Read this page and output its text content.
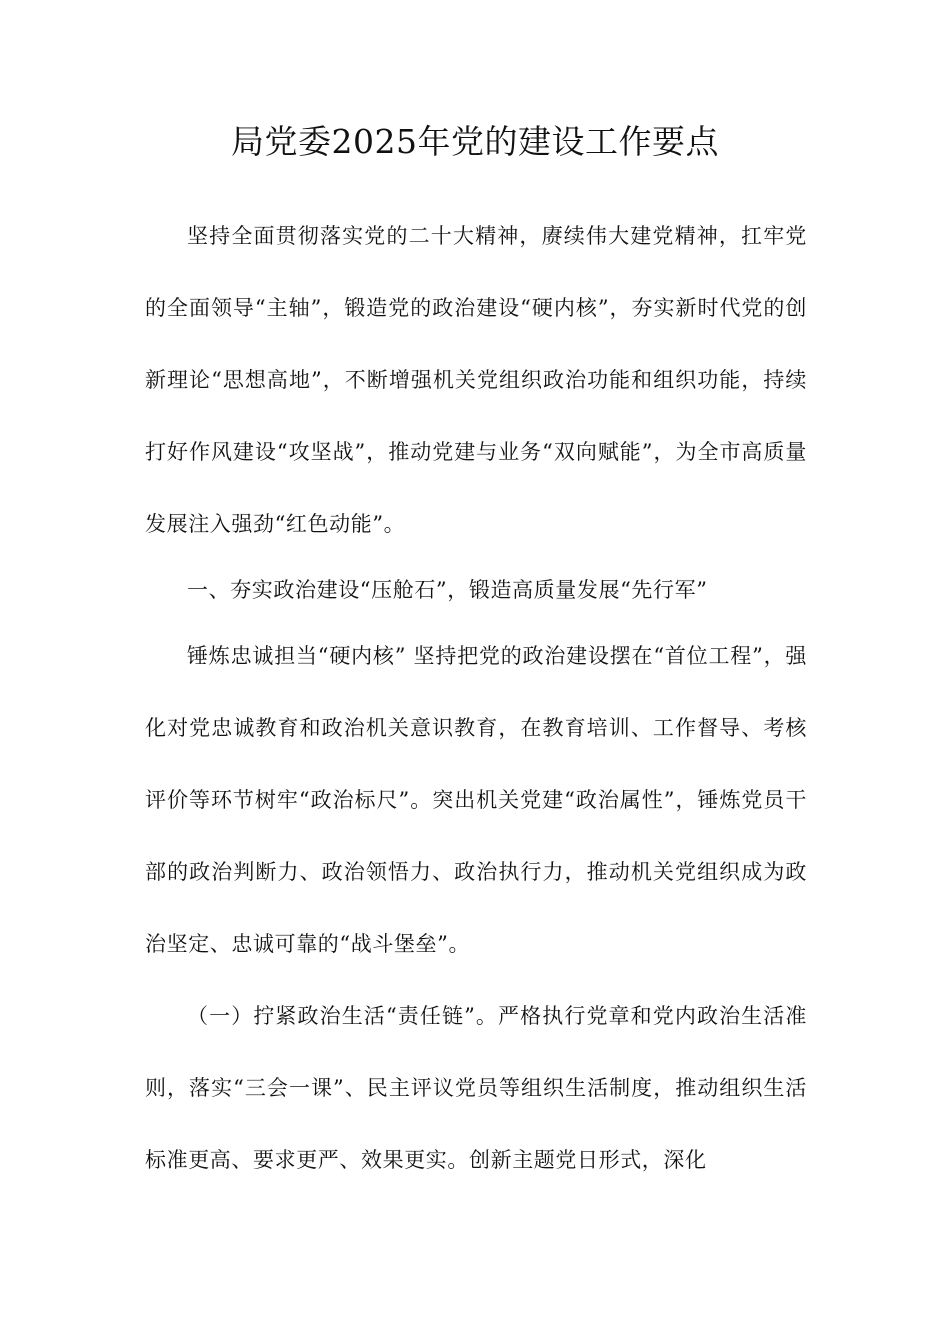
局党委2025年党的建设工作要点

坚持全面贯彻落实党的二十大精神，赓续伟大建党精神，扛牢党的全面领导“主轴”，锻造党的政治建设“硬内核”，夯实新时代党的创新理论“思想高地”，不断增强机关党组织政治功能和组织功能，持续打好作风建设“攻坚战”，推动党建与业务“双向赋能”，为全市高质量发展注入强劲“红色动能”。

一、夯实政治建设“压舱石”，锻造高质量发展“先行军”

锤炼忠诚担当“硬内核” 坚持把党的政治建设摆在“首位工程”，强化对党忠诚教育和政治机关意识教育，在教育培训、工作督导、考核评价等环节树牢“政治标尺”。突出机关党建“政治属性”，锤炼党员干部的政治判断力、政治领悟力、政治执行力，推动机关党组织成为政治坚定、忠诚可靠的“战斗堡垒”。

（一）拧紧政治生活“责任链”。严格执行党章和党内政治生活准则，落实“三会一课”、民主评议党员等组织生活制度，推动组织生活标准更高、要求更严、效果更实。创新主题党日形式，深化
